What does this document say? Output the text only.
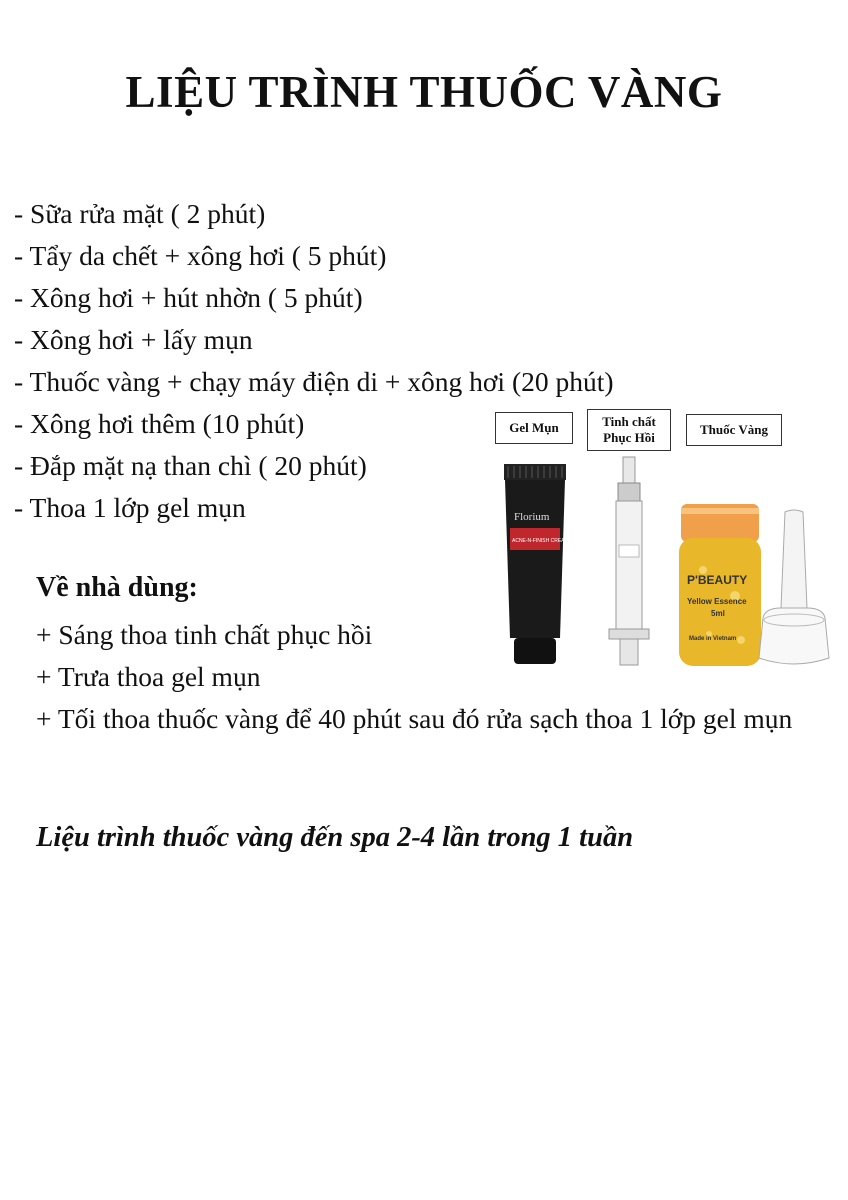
LIỆU TRÌNH THUỐC VÀNG
- Sữa rửa mặt ( 2 phút)
- Tẩy da chết + xông hơi ( 5 phút)
- Xông hơi + hút nhờn ( 5 phút)
- Xông hơi + lấy mụn
- Thuốc vàng + chạy máy điện di + xông hơi (20 phút)
- Xông hơi thêm (10 phút)
- Đắp mặt nạ than chì ( 20 phút)
- Thoa 1 lớp gel mụn
Về nhà dùng:
+ Sáng thoa tinh chất phục hồi
+ Trưa thoa gel mụn
+ Tối thoa thuốc vàng để 40 phút sau đó rửa sạch thoa 1 lớp gel mụn
Liệu trình thuốc vàng đến spa 2-4 lần trong 1 tuần
Gel Mụn	Tinh chất
Phục Hồi
Thuốc Vàng
Florium
ACNE-N-FINISH CREAM
P'BEAUTY
Yellow Essence
5ml
Made in Vietnam
